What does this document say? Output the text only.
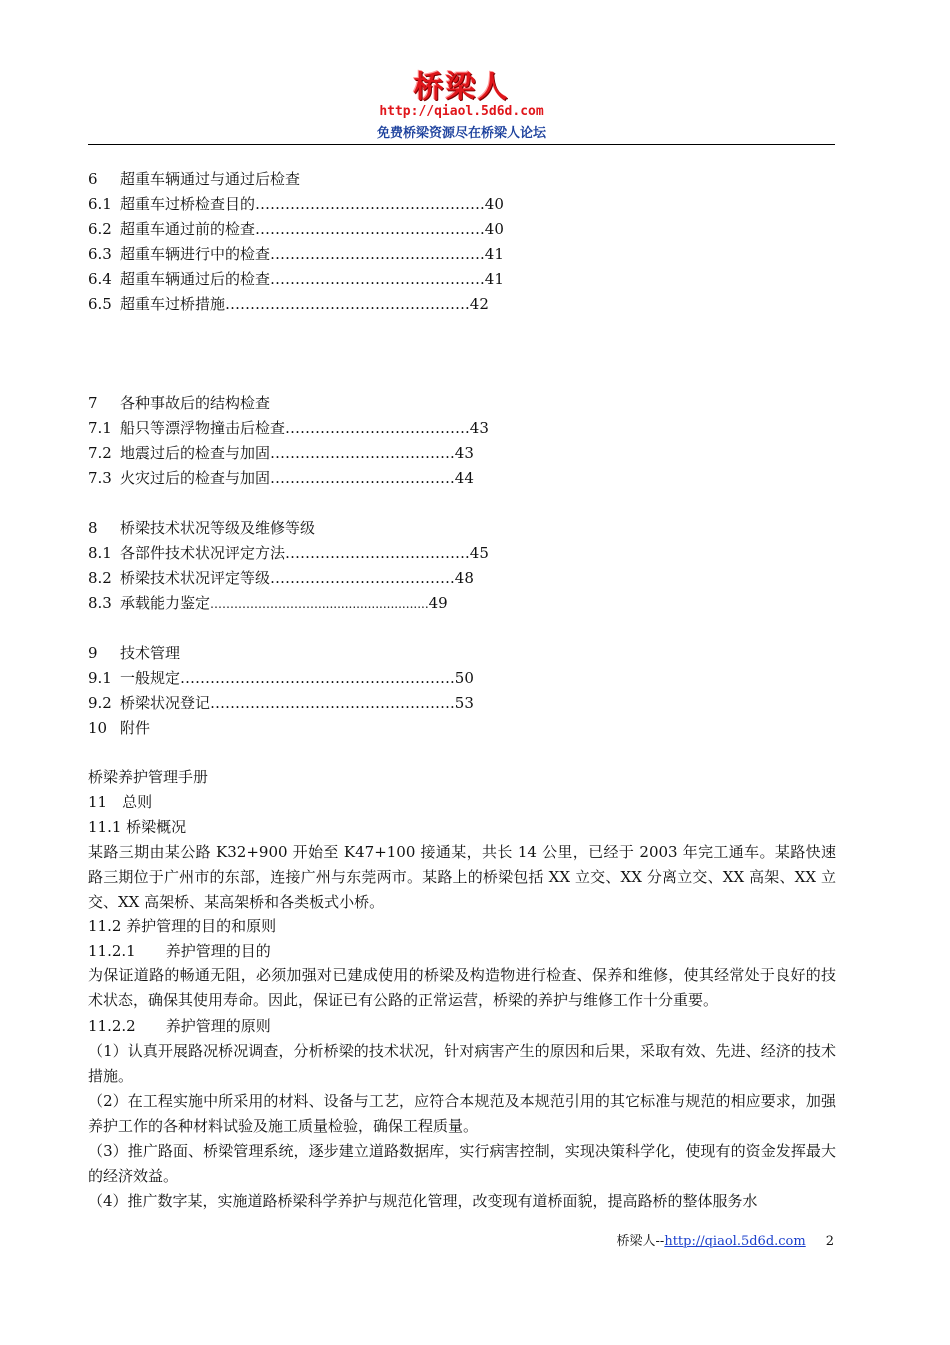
桥梁人
http://qiaol.5d6d.com
免费桥梁资源尽在桥梁人论坛
6 超重车辆通过与通过后检查
6.1 超重车过桥检查目的……………………………………….40
6.2 超重车通过前的检查……………………………………….40
6.3 超重车辆进行中的检查…………………………………….41
6.4 超重车辆通过后的检查…………………………………….41
6.5 超重车过桥措施………………………………………….42
7 各种事故后的结构检查
7.1 船只等漂浮物撞击后检查……………………………….43
7.2 地震过后的检查与加固……………………………….43
7.3 火灾过后的检查与加固……………………………….44
8 桥梁技术状况等级及维修等级
8.1 各部件技术状况评定方法……………………………….45
8.2 桥梁技术状况评定等级……………………………….48
8.3 承载能力鉴定……………………….............................49
9 技术管理
9.1 一般规定……………………………………………….50
9.2 桥梁状况登记………………………………………….53
10 附件
桥梁养护管理手册
11　总则
11.1 桥梁概况
某路三期由某公路 K32+900 开始至 K47+100 接通某，共长 14 公里，已经于 2003 年完工通车。某路快速路三期位于广州市的东部，连接广州与东莞两市。某路上的桥梁包括 XX 立交、XX 分离立交、XX 高架、XX 立交、XX 高架桥、某高架桥和各类板式小桥。
11.2 养护管理的目的和原则
11.2.1　　养护管理的目的
为保证道路的畅通无阻，必须加强对已建成使用的桥梁及构造物进行检查、保养和维修，使其经常处于良好的技术状态，确保其使用寿命。因此，保证已有公路的正常运营，桥梁的养护与维修工作十分重要。
11.2.2　　养护管理的原则
（1）认真开展路况桥况调查，分析桥梁的技术状况，针对病害产生的原因和后果，采取有效、先进、经济的技术措施。
（2）在工程实施中所采用的材料、设备与工艺，应符合本规范及本规范引用的其它标准与规范的相应要求，加强养护工作的各种材料试验及施工质量检验，确保工程质量。
（3）推广路面、桥梁管理系统，逐步建立道路数据库，实行病害控制，实现决策科学化，使现有的资金发挥最大的经济效益。
（4）推广数字某，实施道路桥梁科学养护与规范化管理，改变现有道桥面貌，提高路桥的整体服务水
桥梁人--http://qiaol.5d6d.com 2
